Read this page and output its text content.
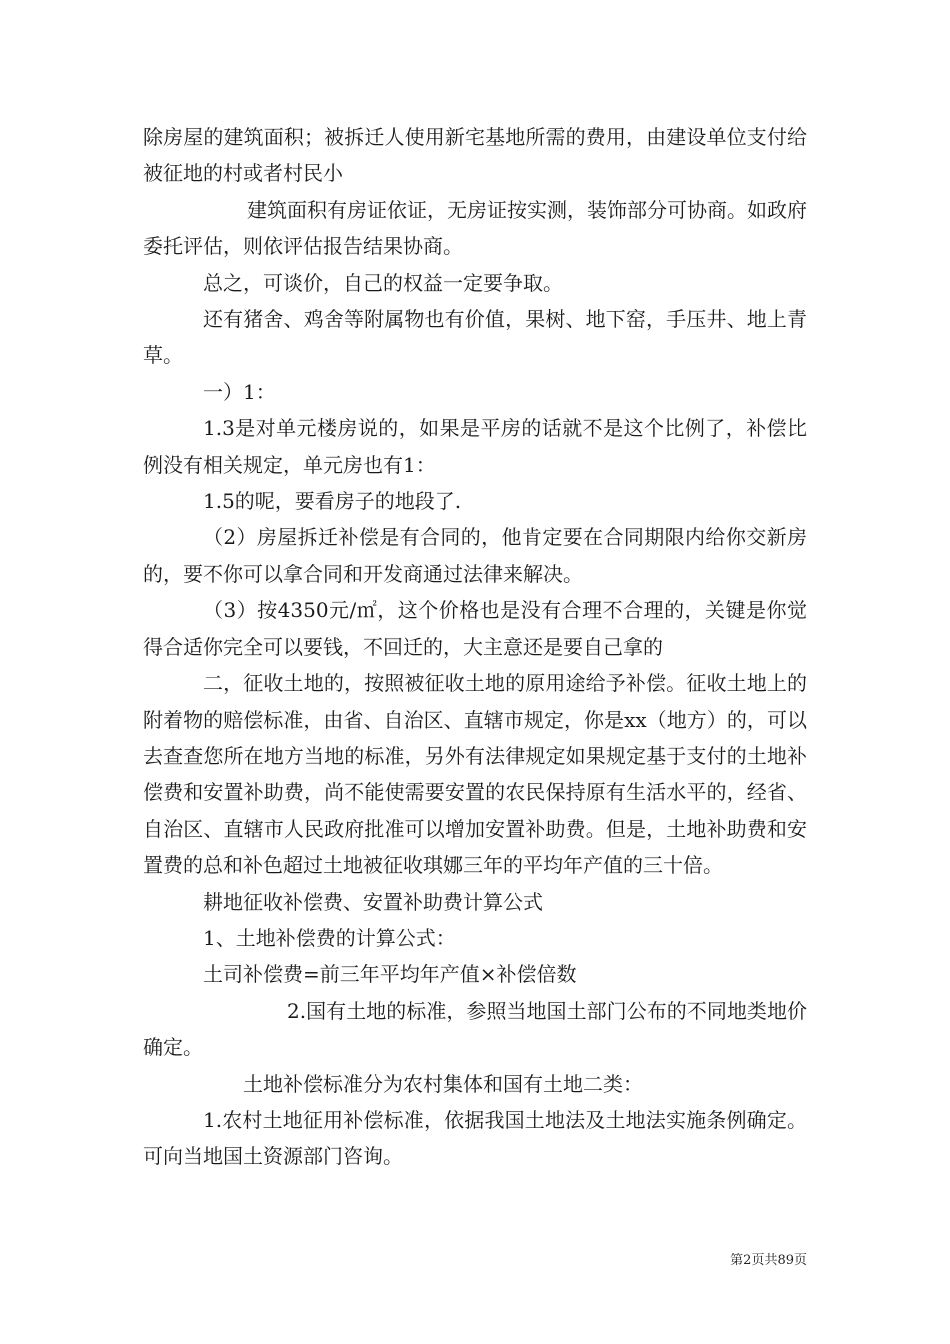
除房屋的建筑面积；被拆迁人使用新宅基地所需的费用，由建设单位支付给被征地的村或者村民小

建筑面积有房证依证，无房证按实测，装饰部分可协商。如政府委托评估，则依评估报告结果协商。

总之，可谈价，自己的权益一定要争取。

还有猪舍、鸡舍等附属物也有价值，果树、地下窑，手压井、地上青草。

一）1：

1.3是对单元楼房说的，如果是平房的话就不是这个比例了，补偿比例没有相关规定，单元房也有1：

1.5的呢，要看房子的地段了.

（2）房屋拆迁补偿是有合同的，他肯定要在合同期限内给你交新房的，要不你可以拿合同和开发商通过法律来解决。

（3）按4350元/㎡，这个价格也是没有合理不合理的，关键是你觉得合适你完全可以要钱，不回迁的，大主意还是要自己拿的

二，征收土地的，按照被征收土地的原用途给予补偿。征收土地上的附着物的赔偿标准，由省、自治区、直辖市规定，你是xx（地方）的，可以去查查您所在地方当地的标准，另外有法律规定如果规定基于支付的土地补偿费和安置补助费，尚不能使需要安置的农民保持原有生活水平的，经省、自治区、直辖市人民政府批准可以增加安置补助费。但是，土地补助费和安置费的总和补色超过土地被征收琪娜三年的平均年产值的三十倍。

耕地征收补偿费、安置补助费计算公式

1、土地补偿费的计算公式：

土司补偿费=前三年平均年产值×补偿倍数

2.国有土地的标准，参照当地国土部门公布的不同地类地价确定。

土地补偿标准分为农村集体和国有土地二类：

1.农村土地征用补偿标准，依据我国土地法及土地法实施条例确定。可向当地国土资源部门咨询。

第2页共89页
